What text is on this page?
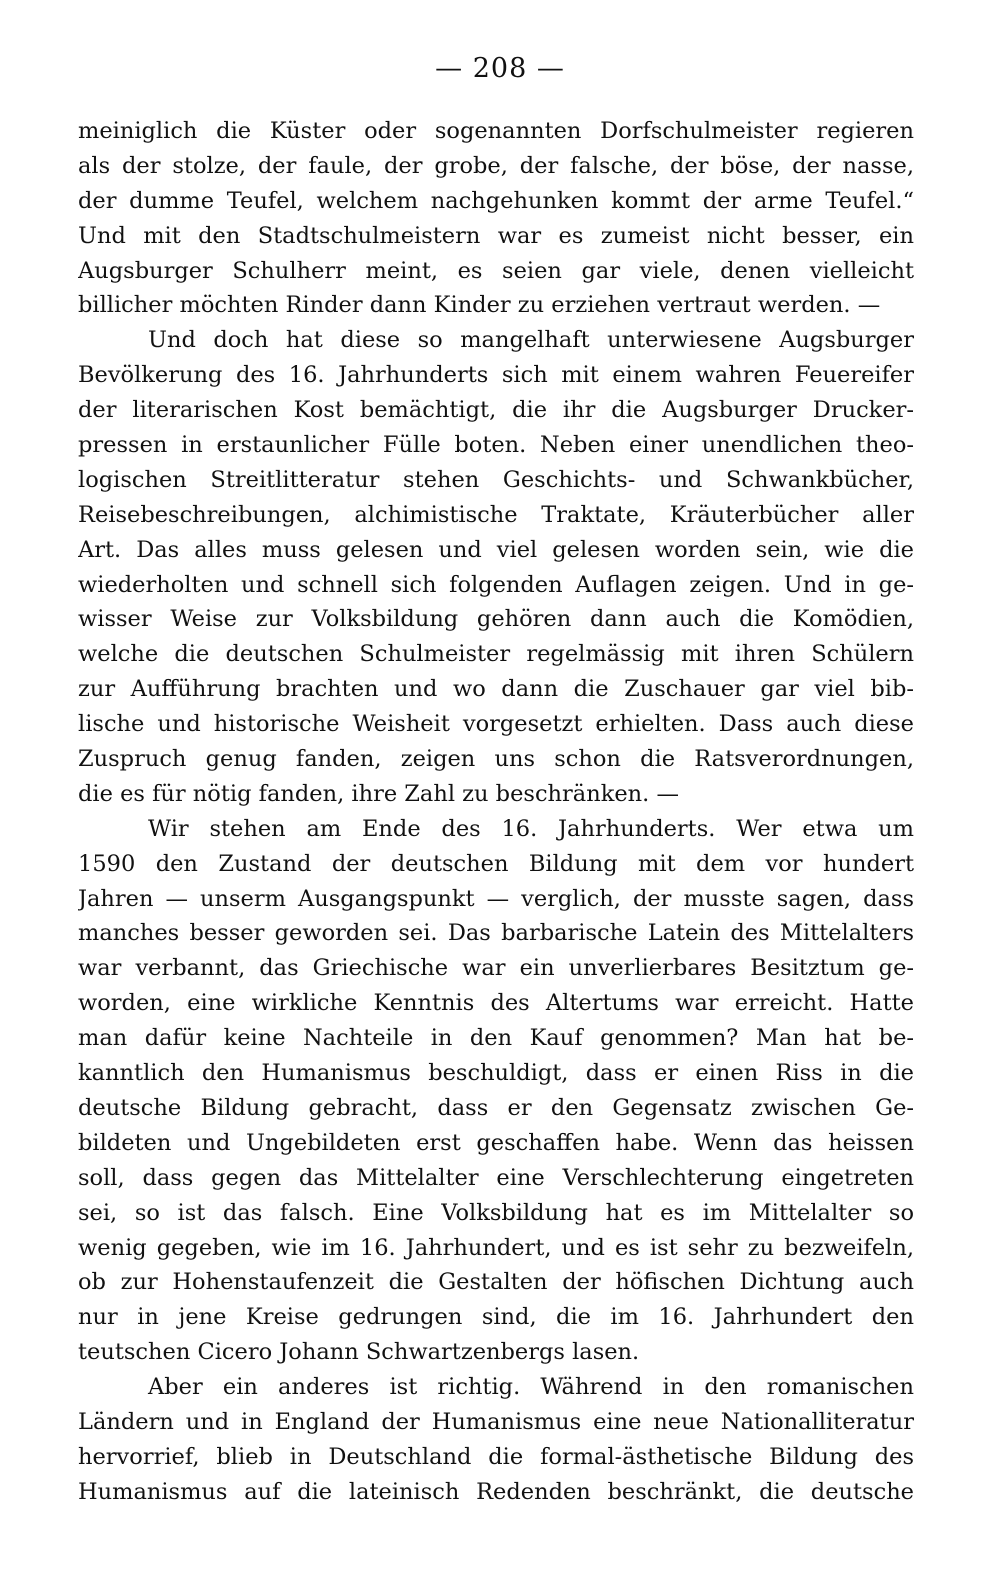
— 208 —
meiniglich die Küster oder sogenannten Dorfschulmeister regieren
als der stolze, der faule, der grobe, der falsche, der böse, der nasse,
der dumme Teufel, welchem nachgehunken kommt der arme Teufel.“
Und mit den Stadtschulmeistern war es zumeist nicht besser, ein
Augsburger Schulherr meint, es seien gar viele, denen vielleicht
billicher möchten Rinder dann Kinder zu erziehen vertraut werden. —
Und doch hat diese so mangelhaft unterwiesene Augsburger
Bevölkerung des 16. Jahrhunderts sich mit einem wahren Feuereifer
der literarischen Kost bemächtigt, die ihr die Augsburger Drucker-
pressen in erstaunlicher Fülle boten. Neben einer unendlichen theo-
logischen Streitlitteratur stehen Geschichts- und Schwankbücher,
Reisebeschreibungen, alchimistische Traktate, Kräuterbücher aller
Art. Das alles muss gelesen und viel gelesen worden sein, wie die
wiederholten und schnell sich folgenden Auflagen zeigen. Und in ge-
wisser Weise zur Volksbildung gehören dann auch die Komödien,
welche die deutschen Schulmeister regelmässig mit ihren Schülern
zur Aufführung brachten und wo dann die Zuschauer gar viel bib-
lische und historische Weisheit vorgesetzt erhielten. Dass auch diese
Zuspruch genug fanden, zeigen uns schon die Ratsverordnungen,
die es für nötig fanden, ihre Zahl zu beschränken. —
Wir stehen am Ende des 16. Jahrhunderts. Wer etwa um
1590 den Zustand der deutschen Bildung mit dem vor hundert
Jahren — unserm Ausgangspunkt — verglich, der musste sagen, dass
manches besser geworden sei. Das barbarische Latein des Mittelalters
war verbannt, das Griechische war ein unverlierbares Besitztum ge-
worden, eine wirkliche Kenntnis des Altertums war erreicht. Hatte
man dafür keine Nachteile in den Kauf genommen? Man hat be-
kanntlich den Humanismus beschuldigt, dass er einen Riss in die
deutsche Bildung gebracht, dass er den Gegensatz zwischen Ge-
bildeten und Ungebildeten erst geschaffen habe. Wenn das heissen
soll, dass gegen das Mittelalter eine Verschlechterung eingetreten
sei, so ist das falsch. Eine Volksbildung hat es im Mittelalter so
wenig gegeben, wie im 16. Jahrhundert, und es ist sehr zu bezweifeln,
ob zur Hohenstaufenzeit die Gestalten der höfischen Dichtung auch
nur in jene Kreise gedrungen sind, die im 16. Jahrhundert den
teutschen Cicero Johann Schwartzenbergs lasen.
Aber ein anderes ist richtig. Während in den romanischen
Ländern und in England der Humanismus eine neue Nationalliteratur
hervorrief, blieb in Deutschland die formal-ästhetische Bildung des
Humanismus auf die lateinisch Redenden beschränkt, die deutsche
